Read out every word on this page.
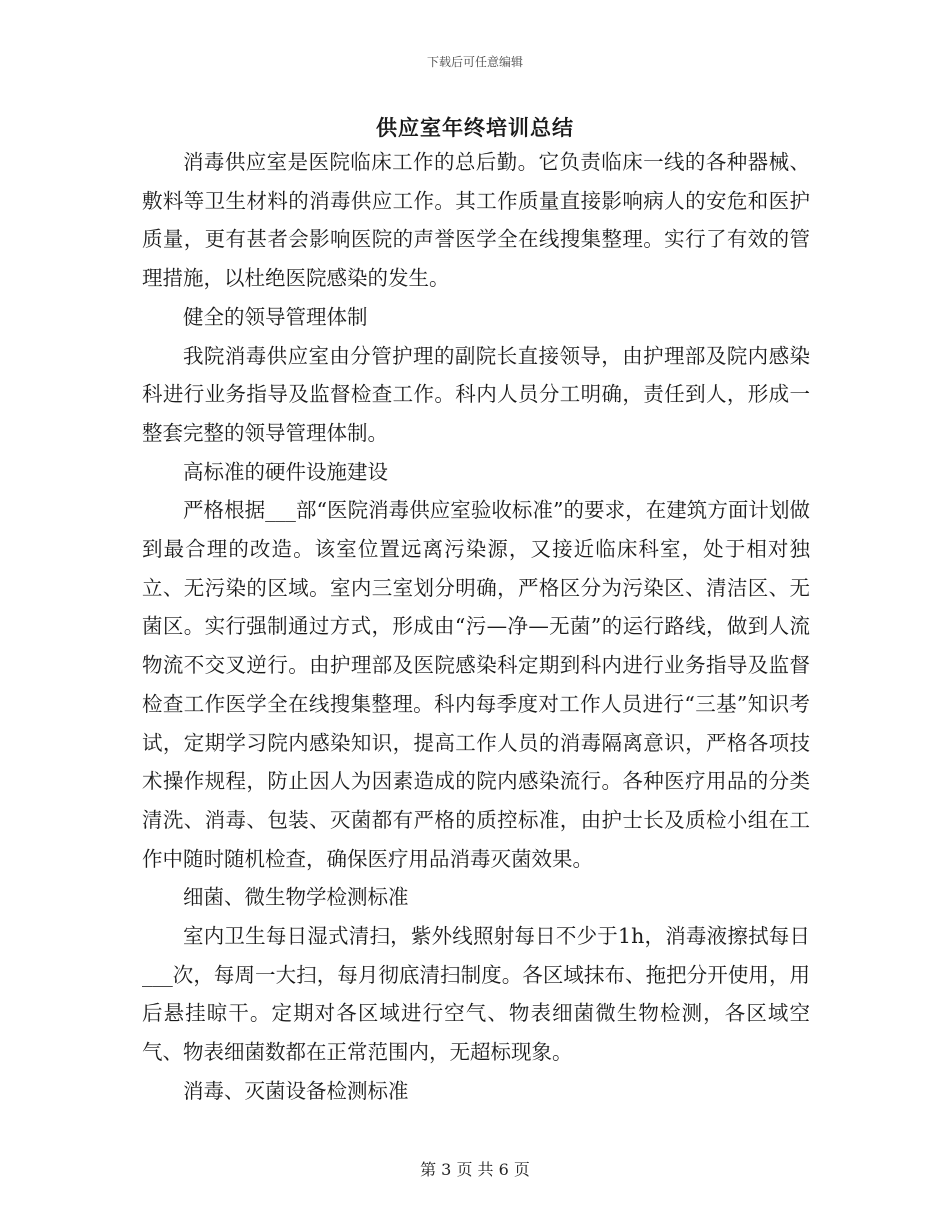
下载后可任意编辑
供应室年终培训总结

消毒供应室是医院临床工作的总后勤。它负责临床一线的各种器械、敷料等卫生材料的消毒供应工作。其工作质量直接影响病人的安危和医护质量，更有甚者会影响医院的声誉医学全在线搜集整理。实行了有效的管理措施，以杜绝医院感染的发生。

健全的领导管理体制

我院消毒供应室由分管护理的副院长直接领导，由护理部及院内感染科进行业务指导及监督检查工作。科内人员分工明确，责任到人，形成一整套完整的领导管理体制。

高标准的硬件设施建设

严格根据___部“医院消毒供应室验收标准”的要求，在建筑方面计划做到最合理的改造。该室位置远离污染源，又接近临床科室，处于相对独立、无污染的区域。室内三室划分明确，严格区分为污染区、清洁区、无菌区。实行强制通过方式，形成由“污—净—无菌”的运行路线，做到人流物流不交叉逆行。由护理部及医院感染科定期到科内进行业务指导及监督检查工作医学全在线搜集整理。科内每季度对工作人员进行“三基”知识考试，定期学习院内感染知识，提高工作人员的消毒隔离意识，严格各项技术操作规程，防止因人为因素造成的院内感染流行。各种医疗用品的分类清洗、消毒、包装、灭菌都有严格的质控标准，由护士长及质检小组在工作中随时随机检查，确保医疗用品消毒灭菌效果。

细菌、微生物学检测标准

室内卫生每日湿式清扫，紫外线照射每日不少于1h，消毒液擦拭每日___次，每周一大扫，每月彻底清扫制度。各区域抹布、拖把分开使用，用后悬挂晾干。定期对各区域进行空气、物表细菌微生物检测，各区域空气、物表细菌数都在正常范围内，无超标现象。

消毒、灭菌设备检测标准

第 3 页 共 6 页
